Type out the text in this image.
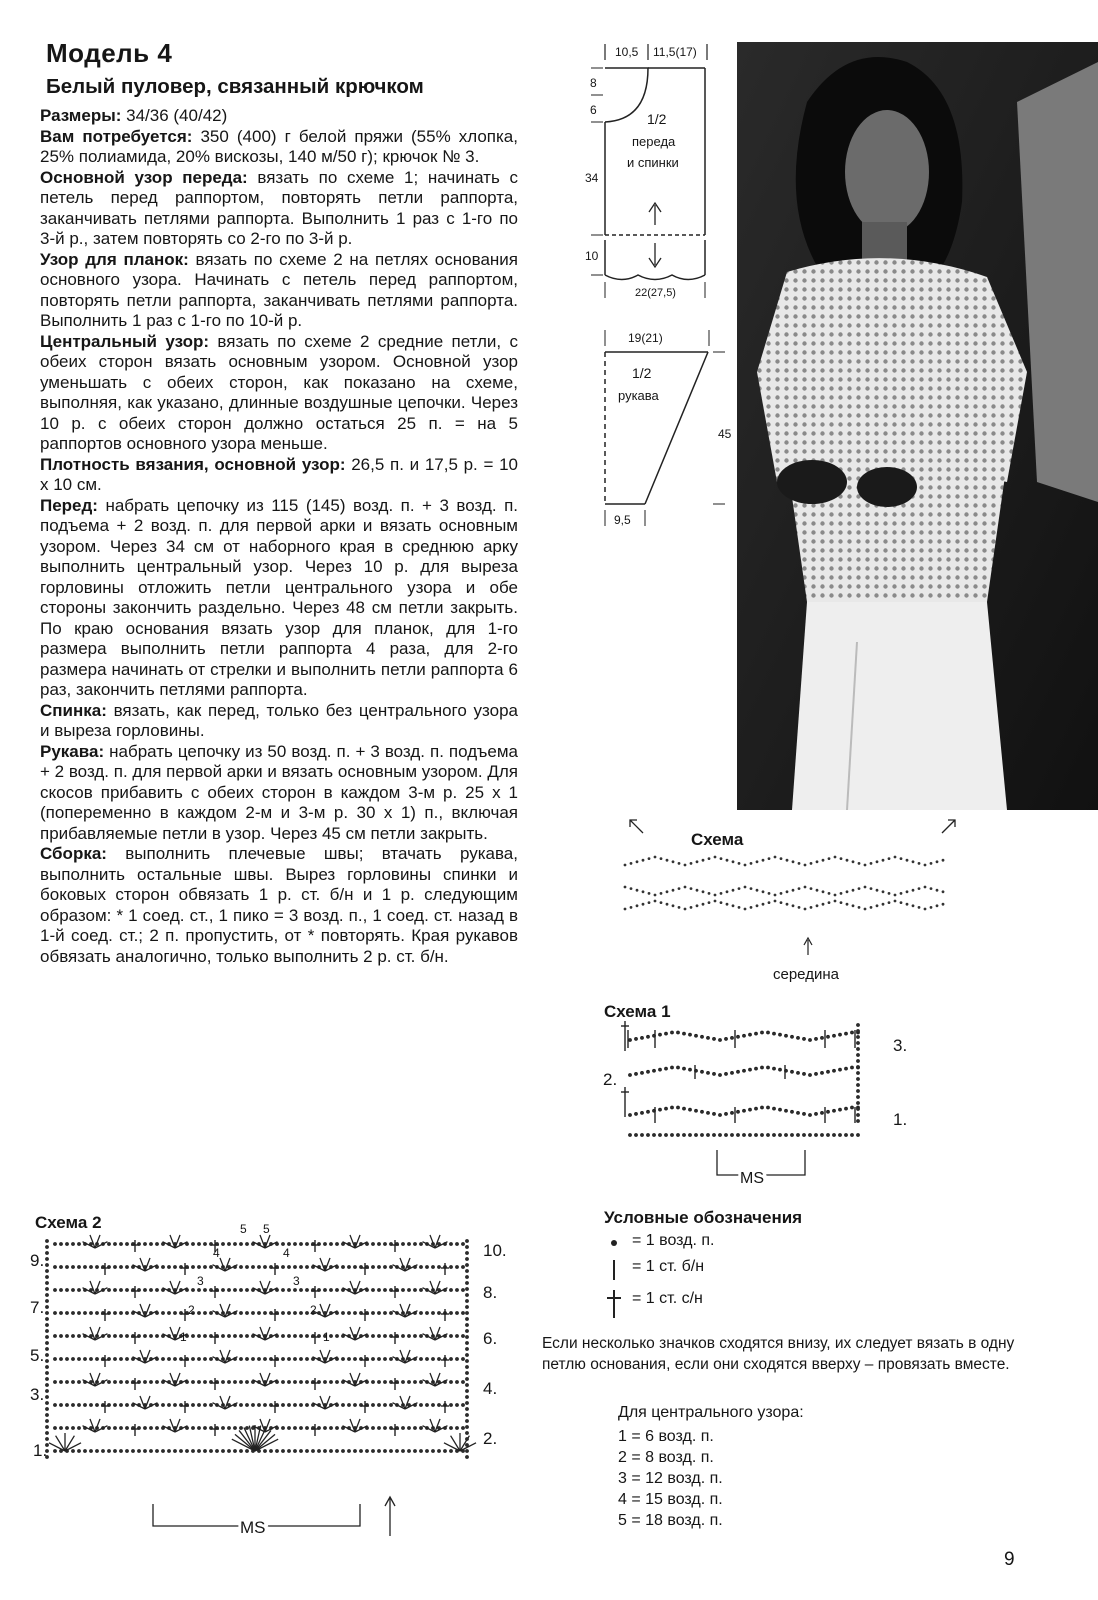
Модель 4
Белый пуловер, связанный крючком
Размеры: 34/36 (40/42)
Вам потребуется: 350 (400) г белой пряжи (55% хлопка, 25% полиамида, 20% вискозы, 140 м/50 г); крючок № 3.
Основной узор переда: вязать по схеме 1; начинать с петель перед раппортом, повторять петли раппорта, заканчивать петлями раппорта. Выполнить 1 раз с 1-го по 3-й р., затем повторять со 2-го по 3-й р.
Узор для планок: вязать по схеме 2 на петлях основания основного узора. Начинать с петель перед раппортом, повторять петли раппорта, заканчивать петлями раппорта. Выполнить 1 раз с 1-го по 10-й р.
Центральный узор: вязать по схеме 2 средние петли, с обеих сторон вязать основным узором. Основной узор уменьшать с обеих сторон, как показано на схеме, выполняя, как указано, длинные воздушные цепочки. Через 10 р. с обеих сторон должно остаться 25 п. = на 5 раппортов основного узора меньше.
Плотность вязания, основной узор: 26,5 п. и 17,5 р. = 10 x 10 см.
Перед: набрать цепочку из 115 (145) возд. п. + 3 возд. п. подъема + 2 возд. п. для первой арки и вязать основным узором. Через 34 см от наборного края в среднюю арку выполнить центральный узор. Через 10 р. для выреза горловины отложить петли центрального узора и обе стороны закончить раздельно. Через 48 см петли закрыть. По краю основания вязать узор для планок, для 1-го размера выполнить петли раппорта 4 раза, для 2-го размера начинать от стрелки и выполнить петли раппорта 6 раз, закончить петлями раппорта.
Спинка: вязать, как перед, только без центрального узора и выреза горловины.
Рукава: набрать цепочку из 50 возд. п. + 3 возд. п. подъема + 2 возд. п. для первой арки и вязать основным узором. Для скосов прибавить с обеих сторон в каждом 3-м р. 25 x 1 (попеременно в каждом 2-м и 3-м р. 30 x 1) п., включая прибавляемые петли в узор. Через 45 см петли закрыть.
Сборка: выполнить плечевые швы; втачать рукава, выполнить остальные швы. Вырез горловины спинки и боковых сторон обвязать 1 р. ст. б/н и 1 р. следующим образом: * 1 соед. ст., 1 пико = 3 возд. п., 1 соед. ст. назад в 1-й соед. ст.; 2 п. пропустить, от * повторять. Края рукавов обвязать аналогично, только выполнить 2 р. ст. б/н.
10,5 11,5(17)
8
6
34
10
1/2
переда
и спинки
22(27,5)
19(21)
1/2
рукава
45
9,5
Схема
середина
Схема 1
3.
2.
1.
MS
Схема 2
1.
3.
5.
7.
9.
2.
4.
6.
8.
10.
5 5
4	4
3	3
2	2
1	1
MS
Условные обозначения
= 1 возд. п.
= 1 ст. б/н
= 1 ст. с/н
Если несколько значков сходятся внизу, их следует вязать в одну петлю основания, если они сходятся вверху – провязать вместе.
Для центрального узора:
1 = 6 возд. п.
2 = 8 возд. п.
3 = 12 возд. п.
4 = 15 возд. п.
5 = 18 возд. п.
9
